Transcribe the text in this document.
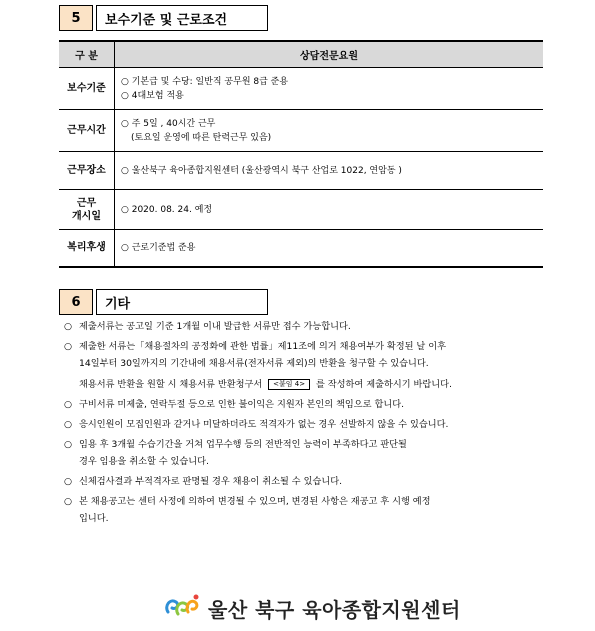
5	보수기준 및 근로조건
구 분	상담전문요원
보수기준	○ 기본급 및 수당: 일반직 공무원 8급 준용
○ 4대보험 적용

근무시간	○ 주 5일 , 40시간 근무
(토요일 운영에 따른 탄력근무 있음)

근무장소	○ 울산북구 육아종합지원센터 (울산광역시 북구 산업로 1022, 연암동 )

근무
개시일	○ 2020. 08. 24. 예정

복리후생	○ 근로기준법 준용
6	기타
○ 제출서류는 공고일 기준 1개월 이내 발급한 서류만 접수 가능합니다.
○ 제출한 서류는「채용절차의 공정화에 관한 법률」제11조에 의거 채용여부가 확정된 날 이후
14일부터 30일까지의 기간내에 채용서류(전자서류 제외)의 반환을 청구할 수 있습니다.
채용서류 반환을 원할 시 채용서류 반환청구서 <붙임 4> 를 작성하여 제출하시기 바랍니다.
○ 구비서류 미제출, 연락두절 등으로 인한 불이익은 지원자 본인의 책임으로 합니다.
○ 응시인원이 모집인원과 같거나 미달하더라도 적격자가 없는 경우 선발하지 않을 수 있습니다.
○ 임용 후 3개월 수습기간을 거쳐 업무수행 등의 전반적인 능력이 부족하다고 판단될
경우 임용을 취소할 수 있습니다.
○ 신체검사결과 부적격자로 판명될 경우 채용이 취소될 수 있습니다.
○ 본 채용공고는 센터 사정에 의하여 변경될 수 있으며, 변경된 사항은 재공고 후 시행 예정
입니다.
울산 북구 육아종합지원센터
